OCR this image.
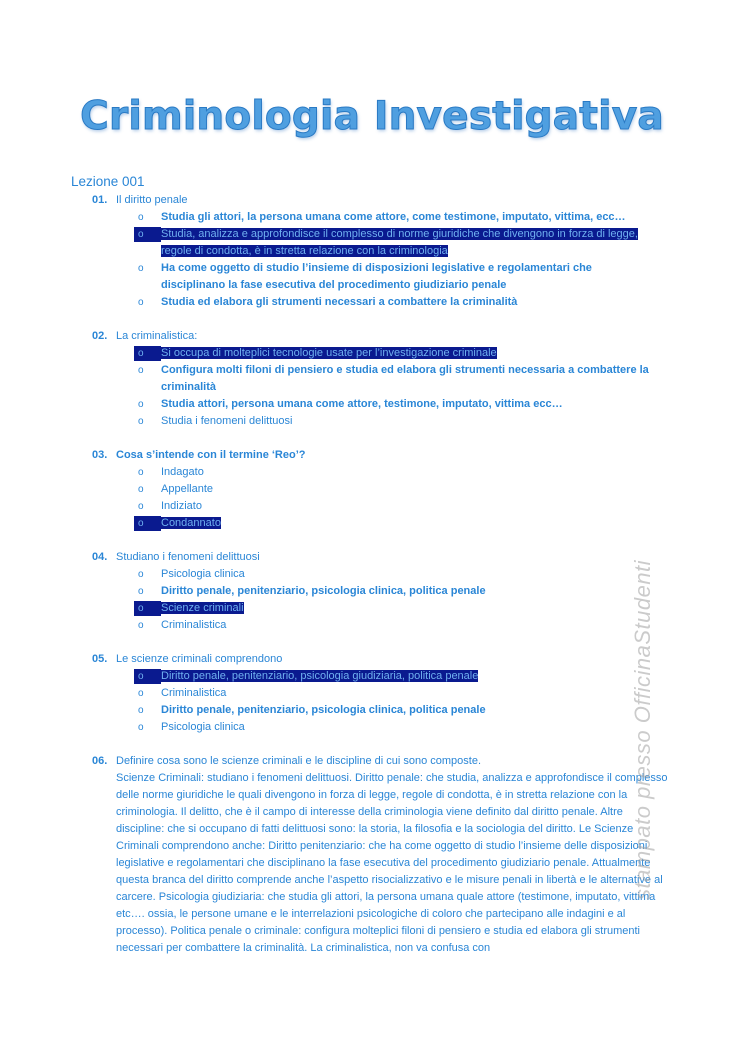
Criminologia Investigativa
Lezione 001
01. Il diritto penale
o Studia gli attori, la persona umana come attore, come testimone, imputato, vittima, ecc…
o Studia, analizza e approfondisce il complesso di norme giuridiche che divengono in forza di legge, regole di condotta, è in stretta relazione con la criminologia
o Ha come oggetto di studio l’insieme di disposizioni legislative e regolamentari che disciplinano la fase esecutiva del procedimento giudiziario penale
o Studia ed elabora gli strumenti necessari a combattere la criminalità
02. La criminalistica:
o Si occupa di molteplici tecnologie usate per l’investigazione criminale
o Configura molti filoni di pensiero e studia ed elabora gli strumenti necessaria a combattere la criminalità
o Studia attori, persona umana come attore, testimone, imputato, vittima ecc…
o Studia i fenomeni delittuosi
03. Cosa s’intende con il termine ‘Reo’?
o Indagato
o Appellante
o Indiziato
o Condannato
04. Studiano i fenomeni delittuosi
o Psicologia clinica
o Diritto penale, penitenziario, psicologia clinica, politica penale
o Scienze criminali
o Criminalistica
05. Le scienze criminali comprendono
o Diritto penale, penitenziario, psicologia giudiziaria, politica penale
o Criminalistica
o Diritto penale, penitenziario, psicologia clinica, politica penale
o Psicologia clinica
06. Definire cosa sono le scienze criminali e le discipline di cui sono composte.
Scienze Criminali: studiano i fenomeni delittuosi. Diritto penale: che studia, analizza e approfondisce il complesso delle norme giuridiche le quali divengono in forza di legge, regole di condotta, è in stretta relazione con la criminologia. Il delitto, che è il campo di interesse della criminologia viene definito dal diritto penale. Altre discipline: che si occupano di fatti delittuosi sono: la storia, la filosofia e la sociologia del diritto. Le Scienze Criminali comprendono anche: Diritto penitenziario: che ha come oggetto di studio l’insieme delle disposizioni legislative e regolamentari che disciplinano la fase esecutiva del procedimento giudiziario penale. Attualmente questa branca del diritto comprende anche l’aspetto risocializzativo e le misure penali in libertà e le alternative al carcere. Psicologia giudiziaria: che studia gli attori, la persona umana quale attore (testimone, imputato, vittima etc…. ossia, le persone umane e le interrelazioni psicologiche di coloro che partecipano alle indagini e al processo). Politica penale o criminale: configura molteplici filoni di pensiero e studia ed elabora gli strumenti necessari per combattere la criminalità. La criminalistica, non va confusa con
stampato presso OfficinaStudenti
